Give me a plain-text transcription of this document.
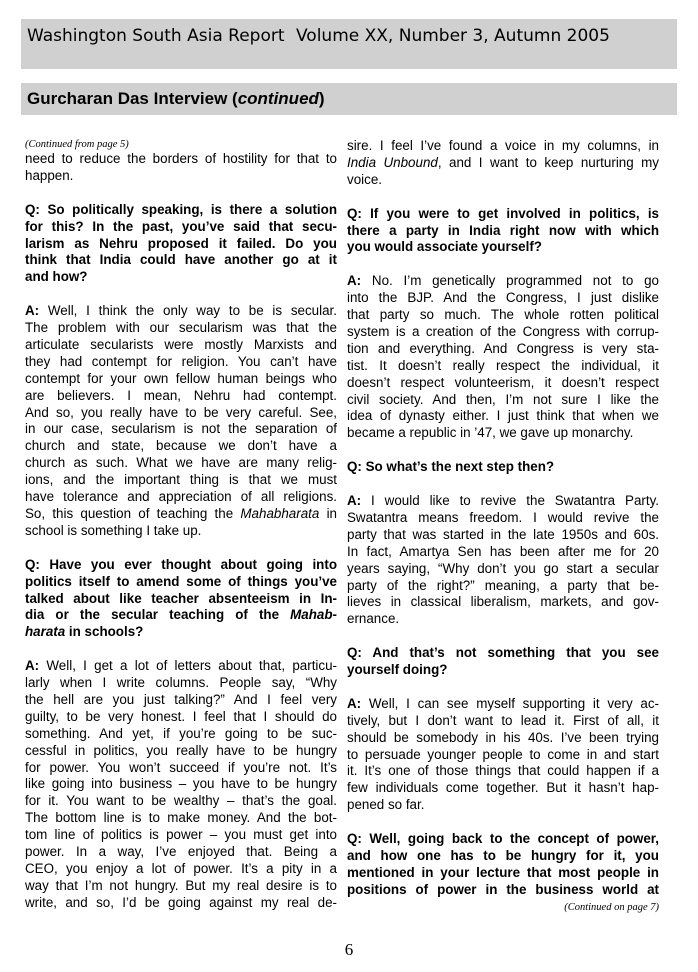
Washington South Asia Report Volume XX, Number 3, Autumn 2005
Gurcharan Das Interview (continued)
(Continued from page 5)
need to reduce the borders of hostility for that to
happen.
Q: So politically speaking, is there a solution
for this? In the past, you’ve said that secu-
larism as Nehru proposed it failed. Do you
think that India could have another go at it
and how?
A: Well, I think the only way to be is secular.
The problem with our secularism was that the
articulate secularists were mostly Marxists and
they had contempt for religion. You can’t have
contempt for your own fellow human beings who
are believers. I mean, Nehru had contempt.
And so, you really have to be very careful. See,
in our case, secularism is not the separation of
church and state, because we don’t have a
church as such. What we have are many relig-
ions, and the important thing is that we must
have tolerance and appreciation of all religions.
So, this question of teaching the Mahabharata in
school is something I take up.
Q: Have you ever thought about going into
politics itself to amend some of things you’ve
talked about like teacher absenteeism in In-
dia or the secular teaching of the Mahab-
harata in schools?
A: Well, I get a lot of letters about that, particu-
larly when I write columns. People say, “Why
the hell are you just talking?” And I feel very
guilty, to be very honest. I feel that I should do
something. And yet, if you’re going to be suc-
cessful in politics, you really have to be hungry
for power. You won’t succeed if you’re not. It’s
like going into business – you have to be hungry
for it. You want to be wealthy – that’s the goal.
The bottom line is to make money. And the bot-
tom line of politics is power – you must get into
power. In a way, I’ve enjoyed that. Being a
CEO, you enjoy a lot of power. It’s a pity in a
way that I’m not hungry. But my real desire is to
write, and so, I’d be going against my real de-
sire. I feel I’ve found a voice in my columns, in
India Unbound, and I want to keep nurturing my
voice.
Q: If you were to get involved in politics, is
there a party in India right now with which
you would associate yourself?
A: No. I’m genetically programmed not to go
into the BJP. And the Congress, I just dislike
that party so much. The whole rotten political
system is a creation of the Congress with corrup-
tion and everything. And Congress is very sta-
tist. It doesn’t really respect the individual, it
doesn’t respect volunteerism, it doesn’t respect
civil society. And then, I’m not sure I like the
idea of dynasty either. I just think that when we
became a republic in ’47, we gave up monarchy.
Q: So what’s the next step then?
A: I would like to revive the Swatantra Party.
Swatantra means freedom. I would revive the
party that was started in the late 1950s and 60s.
In fact, Amartya Sen has been after me for 20
years saying, “Why don’t you go start a secular
party of the right?” meaning, a party that be-
lieves in classical liberalism, markets, and gov-
ernance.
Q: And that’s not something that you see
yourself doing?
A: Well, I can see myself supporting it very ac-
tively, but I don’t want to lead it. First of all, it
should be somebody in his 40s. I’ve been trying
to persuade younger people to come in and start
it. It’s one of those things that could happen if a
few individuals come together. But it hasn’t hap-
pened so far.
Q: Well, going back to the concept of power,
and how one has to be hungry for it, you
mentioned in your lecture that most people in
positions of power in the business world at
(Continued on page 7)
6
